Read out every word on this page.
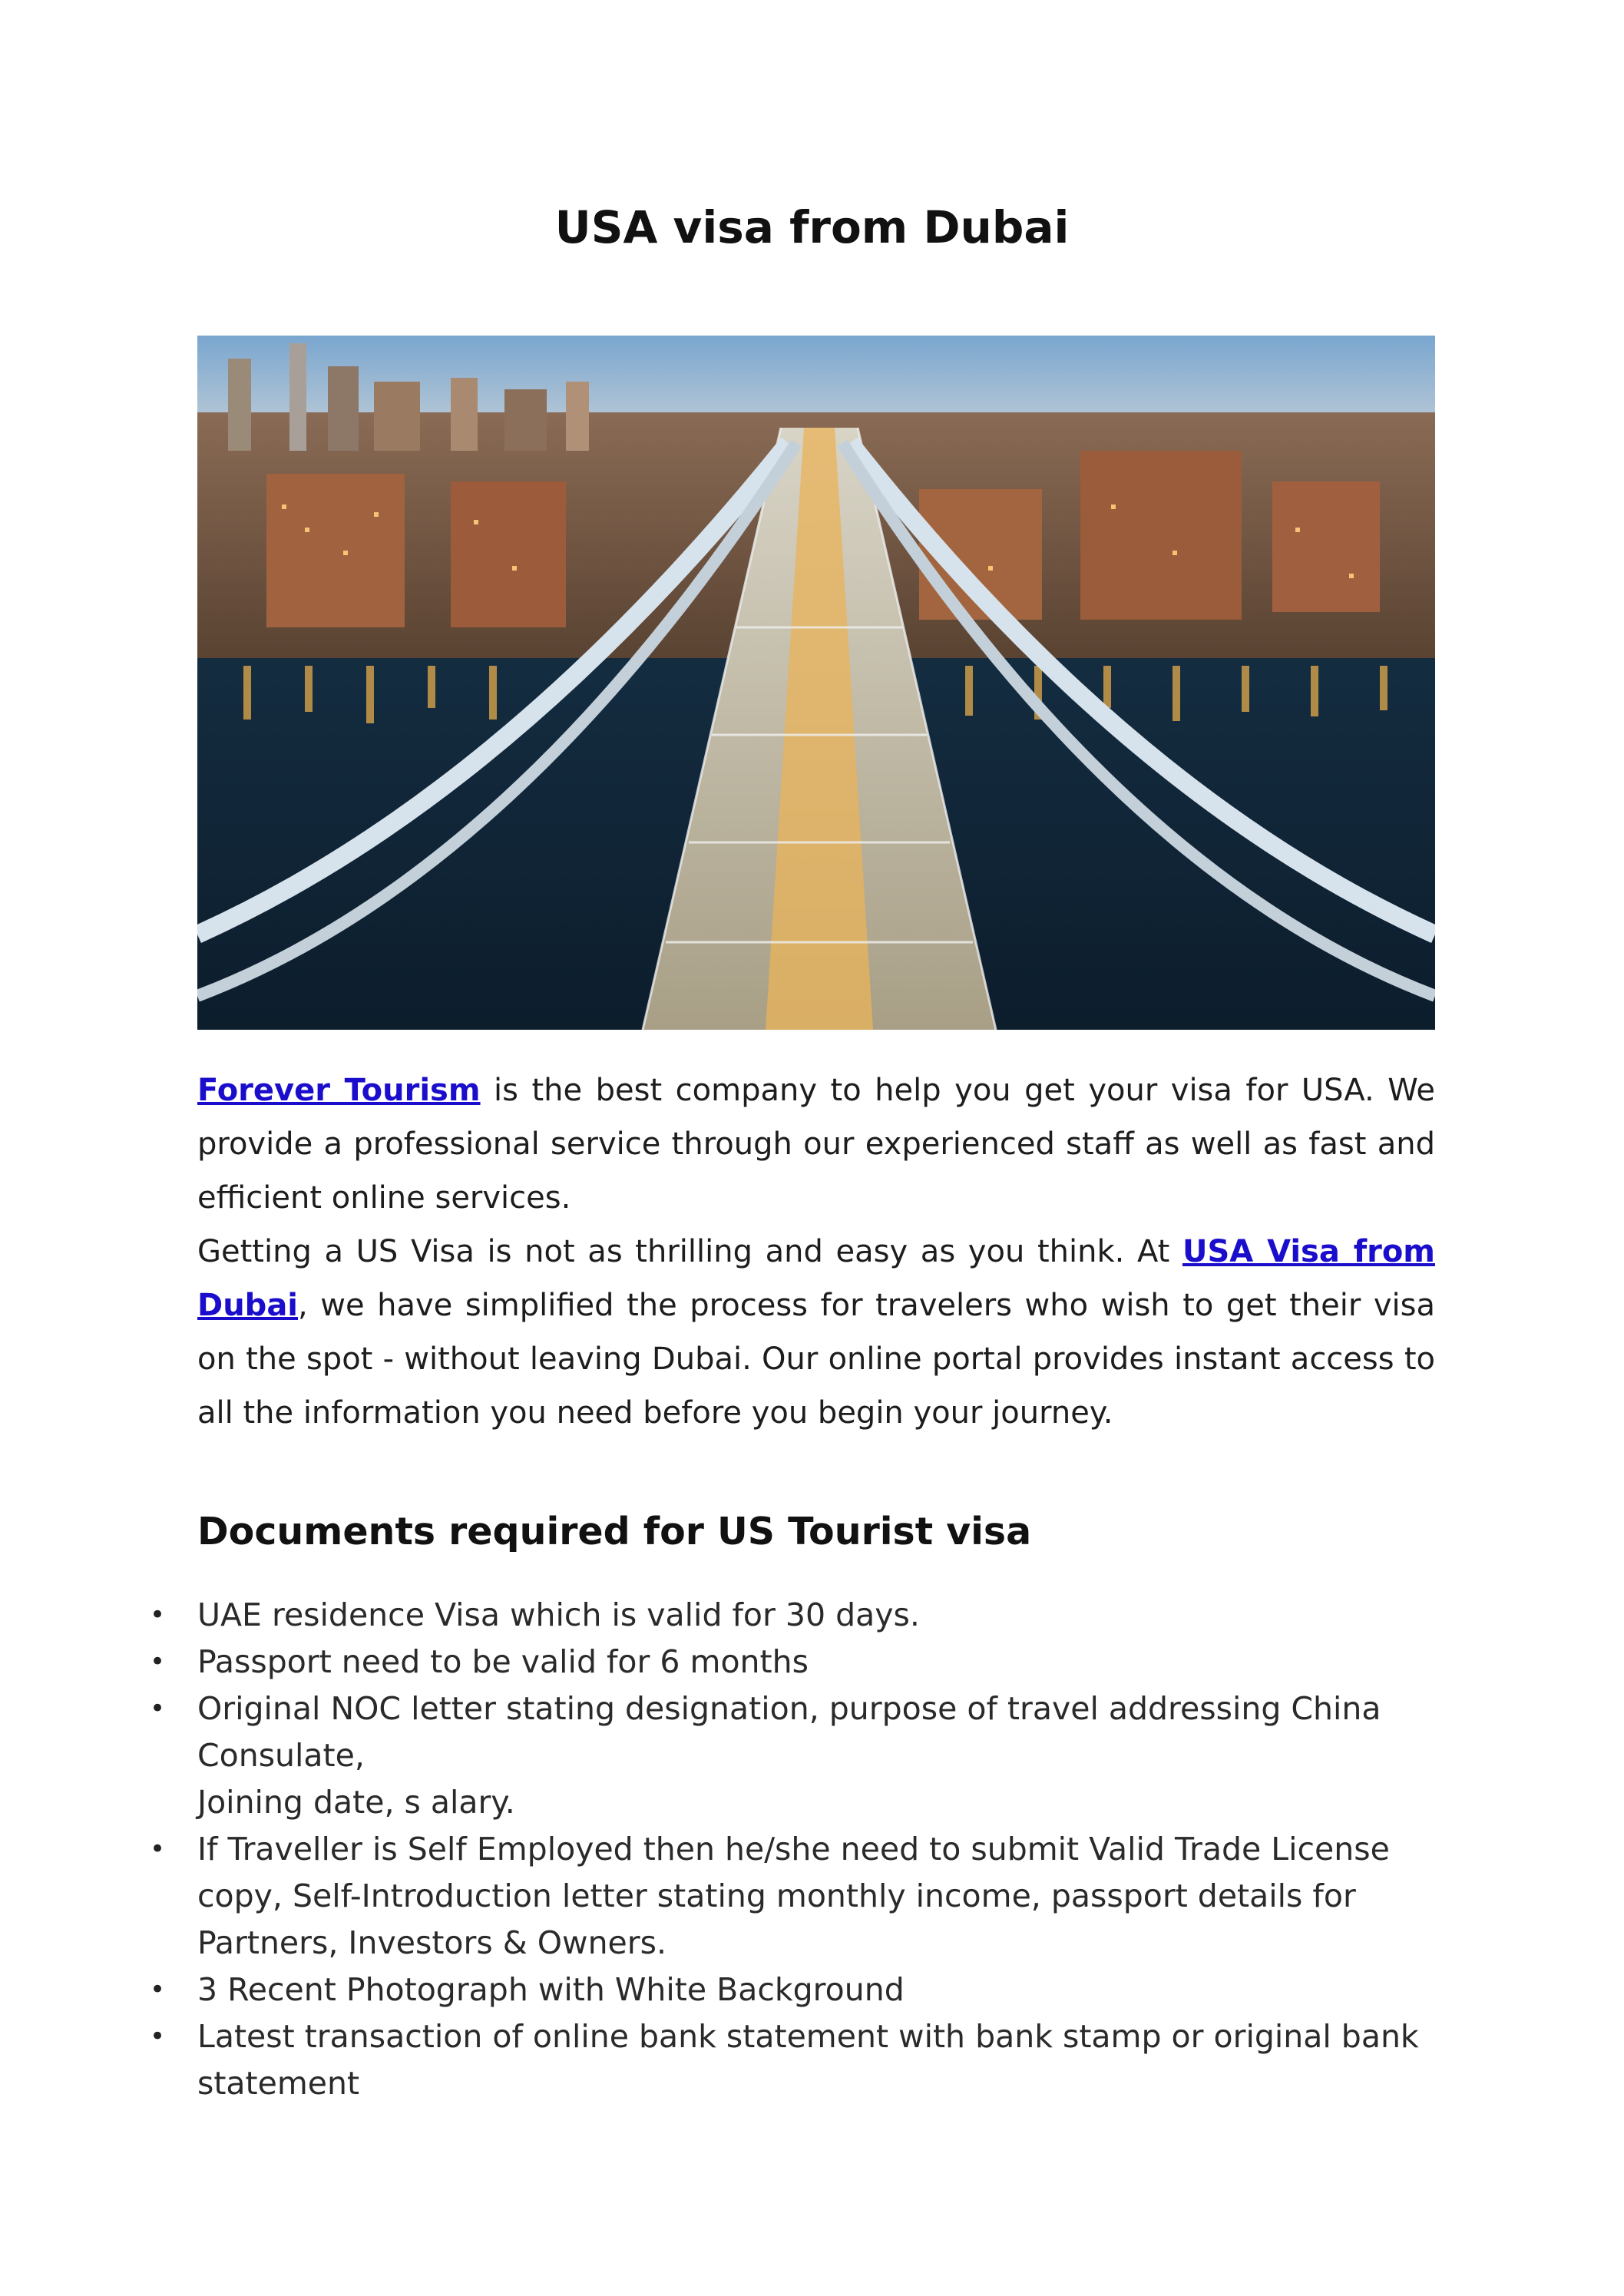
USA visa from Dubai

Forever Tourism is the best company to help you get your visa for USA. We provide a professional service through our experienced staff as well as fast and efficient online services.

Getting a US Visa is not as thrilling and easy as you think. At USA Visa from Dubai, we have simplified the process for travelers who wish to get their visa on the spot - without leaving Dubai. Our online portal provides instant access to all the information you need before you begin your journey.

Documents required for US Tourist visa
• UAE residence Visa which is valid for 30 days.
• Passport need to be valid for 6 months
• Original NOC letter stating designation, purpose of travel addressing China
Consulate,
Joining date, s alary.
• If Traveller is Self Employed then he/she need to submit Valid Trade License
copy, Self-Introduction letter stating monthly income, passport details for
Partners, Investors & Owners.
• 3 Recent Photograph with White Background
• Latest transaction of online bank statement with bank stamp or original bank
statement
